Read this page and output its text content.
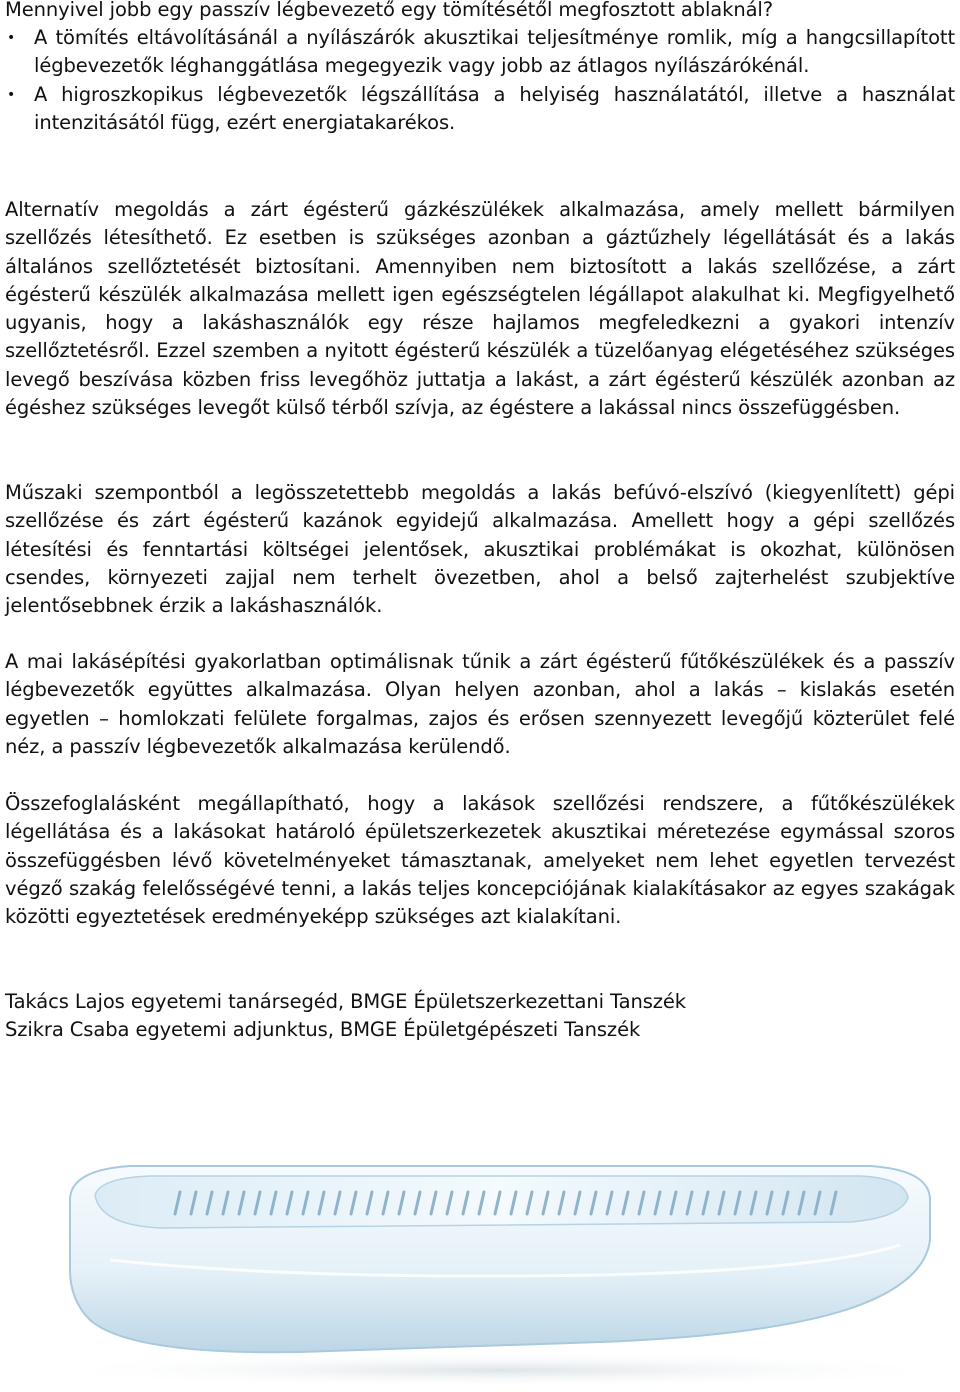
Mennyivel jobb egy passzív légbevezető egy tömítésétől megfosztott ablaknál?
• A tömítés eltávolításánál a nyílászárók akusztikai teljesítménye romlik, míg a hangcsillapított légbevezetők léghanggátlása megegyezik vagy jobb az átlagos nyílászárókénál.
• A higroszkopikus légbevezetők légszállítása a helyiség használatától, illetve a használat intenzitásától függ, ezért energiatakarékos.

Alternatív megoldás a zárt égésterű gázkészülékek alkalmazása, amely mellett bármilyen szellőzés létesíthető. Ez esetben is szükséges azonban a gáztűzhely légellátását és a lakás általános szellőztetését biztosítani. Amennyiben nem biztosított a lakás szellőzése, a zárt égésterű készülék alkalmazása mellett igen egészségtelen légállapot alakulhat ki. Megfigyelhető ugyanis, hogy a lakáshasználók egy része hajlamos megfeledkezni a gyakori intenzív szellőztetésről. Ezzel szemben a nyitott égésterű készülék a tüzelőanyag elégetéséhez szükséges levegő beszívása közben friss levegőhöz juttatja a lakást, a zárt égésterű készülék azonban az égéshez szükséges levegőt külső térből szívja, az égéstere a lakással nincs összefüggésben.

Műszaki szempontból a legösszetettebb megoldás a lakás befúvó-elszívó (kiegyenlített) gépi szellőzése és zárt égésterű kazánok egyidejű alkalmazása. Amellett hogy a gépi szellőzés létesítési és fenntartási költségei jelentősek, akusztikai problémákat is okozhat, különösen csendes, környezeti zajjal nem terhelt övezetben, ahol a belső zajterhelést szubjektíve jelentősebbnek érzik a lakáshasználók.

A mai lakásépítési gyakorlatban optimálisnak tűnik a zárt égésterű fűtőkészülékek és a passzív légbevezetők együttes alkalmazása. Olyan helyen azonban, ahol a lakás – kislakás esetén egyetlen – homlokzati felülete forgalmas, zajos és erősen szennyezett levegőjű közterület felé néz, a passzív légbevezetők alkalmazása kerülendő.

Összefoglalásként megállapítható, hogy a lakások szellőzési rendszere, a fűtőkészülékek légellátása és a lakásokat határoló épületszerkezetek akusztikai méretezése egymással szoros összefüggésben lévő követelményeket támasztanak, amelyeket nem lehet egyetlen tervezést végző szakág felelősségévé tenni, a lakás teljes koncepciójának kialakításakor az egyes szakágak közötti egyeztetések eredményeképp szükséges azt kialakítani.

Takács Lajos egyetemi tanársegéd, BMGE Épületszerkezettani Tanszék
Szikra Csaba egyetemi adjunktus, BMGE Épületgépészeti Tanszék
